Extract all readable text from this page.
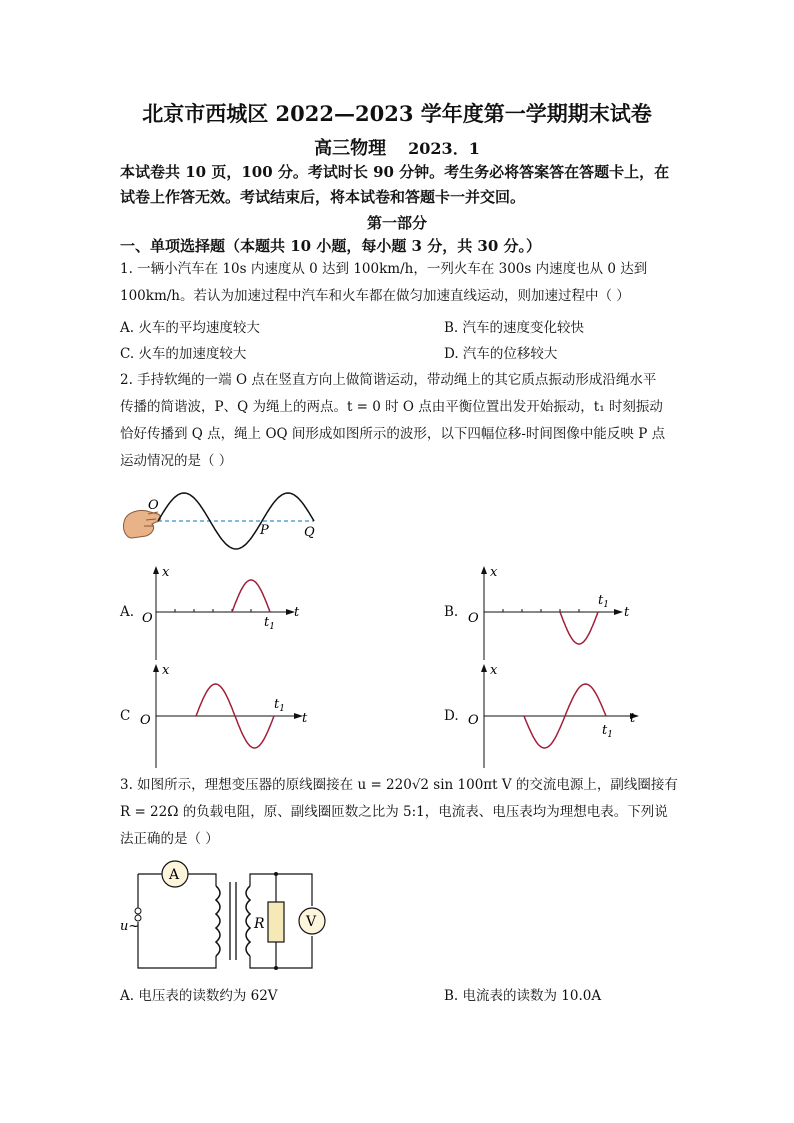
北京市西城区 2022—2023 学年度第一学期期末试卷
高三物理 2023．1
本试卷共 10 页，100 分。考试时长 90 分钟。考生务必将答案答在答题卡上，在
试卷上作答无效。考试结束后，将本试卷和答题卡一并交回。
第一部分
一、单项选择题（本题共 10 小题，每小题 3 分，共 30 分。）
1. 一辆小汽车在 10s 内速度从 0 达到 100km/h，一列火车在 300s 内速度也从 0 达到
100km/h。若认为加速过程中汽车和火车都在做匀加速直线运动，则加速过程中（ ）
A. 火车的平均速度较大	B. 汽车的速度变化较快
C. 火车的加速度较大	D. 汽车的位移较大
2. 手持软绳的一端 O 点在竖直方向上做简谐运动，带动绳上的其它质点振动形成沿绳水平
传播的简谐波，P、Q 为绳上的两点。t = 0 时 O 点由平衡位置出发开始振动，t₁ 时刻振动
恰好传播到 Q 点，绳上 OQ 间形成如图所示的波形，以下四幅位移-时间图像中能反映 P 点
运动情况的是（ ）
O
P	Q
A.
x
O	t
$t_1$
B.
x
O	t
$t_1$
C
x
O	t
$t_1$	D.
x
O	t
$t_1$
3. 如图所示，理想变压器的原线圈接在 u = 220√2 sin 100πt V 的交流电源上，副线圈接有
R = 22Ω 的负载电阻，原、副线圈匝数之比为 5:1，电流表、电压表均为理想电表。下列说
法正确的是（ ）
u~
A
R	V
A. 电压表的读数约为 62V	B. 电流表的读数为 10.0A
